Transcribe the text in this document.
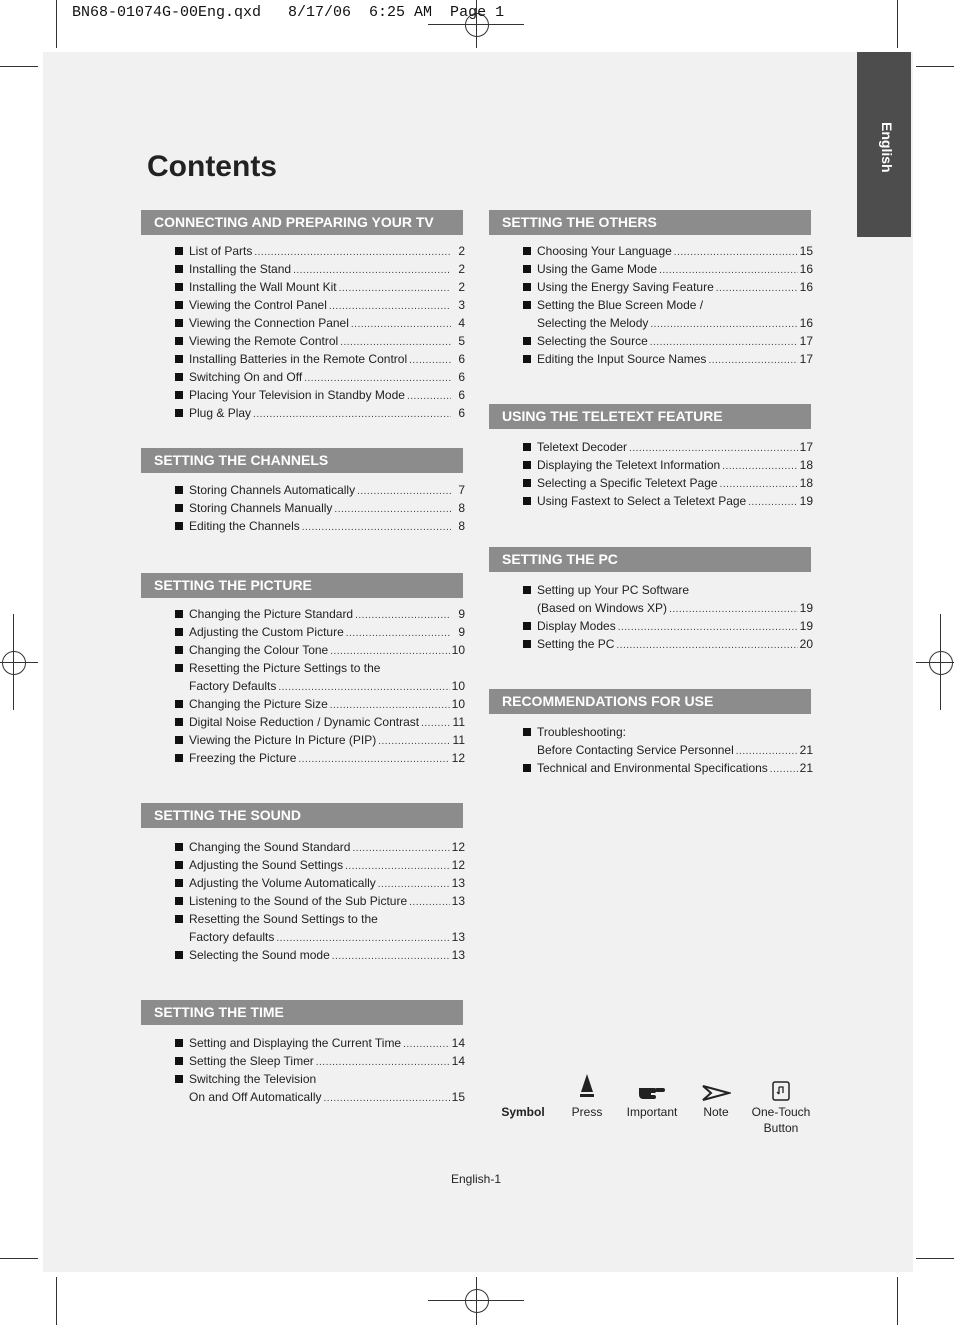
BN68-01074G-00Eng.qxd   8/17/06  6:25 AM  Page 1
English
Contents
CONNECTING AND PREPARING YOUR TV
List of Parts .....	2
Installing the Stand .....	2
Installing the Wall Mount Kit .....	2
Viewing the Control Panel .....	3
Viewing the Connection Panel .....	4
Viewing the Remote Control .....	5
Installing Batteries in the Remote Control .....	6
Switching On and Off .....	6
Placing Your Television in Standby Mode .....	6
Plug & Play .....	6
SETTING THE CHANNELS
Storing Channels Automatically .....	7
Storing Channels Manually .....	8
Editing the Channels .....	8
SETTING THE PICTURE
Changing the Picture Standard .....	9
Adjusting the Custom Picture .....	9
Changing the Colour Tone .....	10
Resetting the Picture Settings to the
Factory Defaults .....	10
Changing the Picture Size .....	10
Digital Noise Reduction / Dynamic Contrast .....	11
Viewing the Picture In Picture (PIP) .....	11
Freezing the Picture .....	12
SETTING THE SOUND
Changing the Sound Standard .....	12
Adjusting the Sound Settings .....	12
Adjusting the Volume Automatically .....	13
Listening to the Sound of the Sub Picture .....	13
Resetting the Sound Settings to the
Factory defaults .....	13
Selecting the Sound mode .....	13
SETTING THE TIME
Setting and Displaying the Current Time .....	14
Setting the Sleep Timer .....	14
Switching the Television
On and Off Automatically .....	15
SETTING THE OTHERS
Choosing Your Language .....	15
Using the Game Mode .....	16
Using the Energy Saving Feature .....	16
Setting the Blue Screen Mode /
Selecting the Melody .....	16
Selecting the Source .....	17
Editing the Input Source Names .....	17
USING THE TELETEXT FEATURE
Teletext Decoder .....	17
Displaying the Teletext Information .....	18
Selecting a Specific Teletext Page .....	18
Using Fastext to Select a Teletext Page .....	19
SETTING THE PC
Setting up Your PC Software
(Based on Windows XP) .....	19
Display Modes .....	19
Setting the PC .....	20
RECOMMENDATIONS FOR USE
Troubleshooting:
Before Contacting Service Personnel .....	21
Technical and Environmental Specifications .....	21
Symbol	Press	Important	Note	One-Touch
Button
English-1
